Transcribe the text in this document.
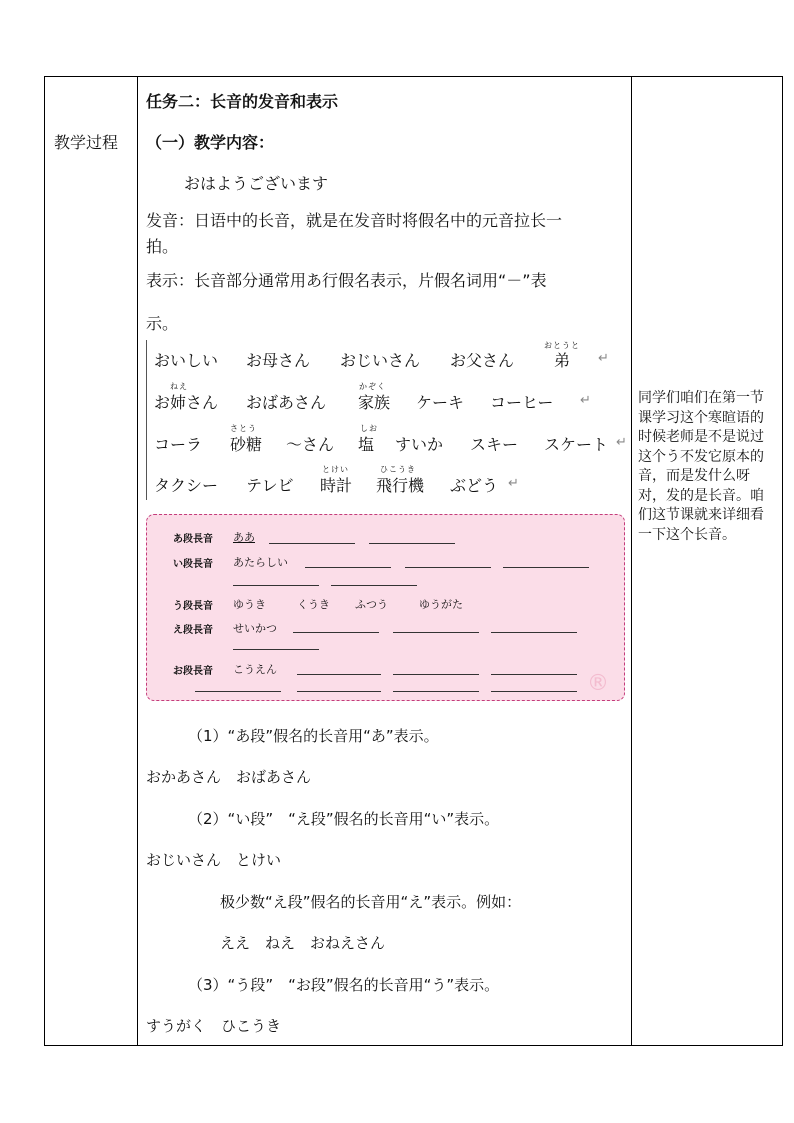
教学过程
任务二：长音的发音和表示
（一）教学内容：
おはようございます
发音：日语中的长音，就是在发音时将假名中的元音拉长一
拍。
表示：长音部分通常用あ行假名表示，片假名词用“－”表
示。
おいしい お母さん おじいさん お父さん
おとうと
弟 ↵
ねえ
お姉さん おばあさん
かぞく
家族 ケーキ コーヒー ↵
コーラ
さとう
砂糖 ～さん
しお
塩 すいか スキー スケート ↵
タクシー テレビ
とけい
時計
ひこうき
飛行機 ぶどう ↵
®
あ段長音 ああ
い段長音 あたらしい
う段長音 ゆうき	くうき ふつう	ゆうがた
え段長音 せいかつ
お段長音 こうえん
（1）“あ段”假名的长音用“あ”表示。
おかあさん　おばあさん
（2）“い段”　“え段”假名的长音用“い”表示。
おじいさん　とけい
极少数“え段”假名的长音用“え”表示。例如：
ええ　ねえ　おねえさん
（3）“う段”　“お段”假名的长音用“う”表示。
すうがく　ひこうき
同学们咱们在第一节课学习这个寒暄语的时候老师是不是说过这个う不发它原本的音，而是发什么呀　对，发的是长音。咱们这节课就来详细看一下这个长音。
